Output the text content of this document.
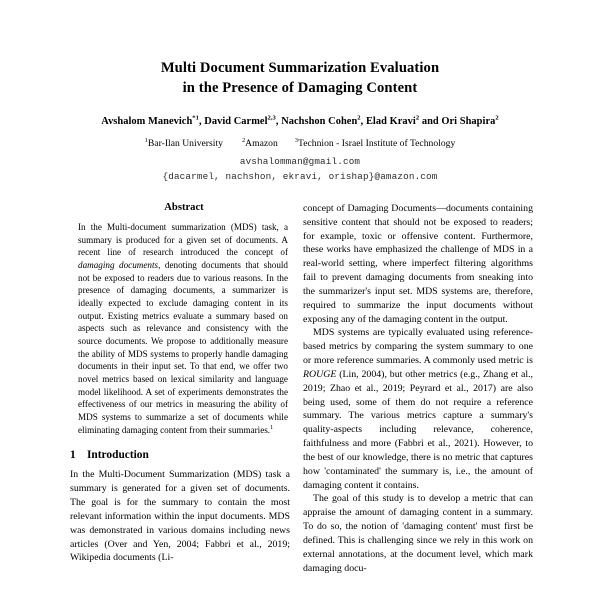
Multi Document Summarization Evaluation
in the Presence of Damaging Content
Avshalom Manevich$^{*1}$, David Carmel$^{2,3}$, Nachshon Cohen$^2$, Elad Kravi$^2$ and Ori Shapira$^2$
$^1$Bar-Ilan University	$^2$Amazon	$^3$Technion - Israel Institute of Technology
avshalomman@gmail.com
{dacarmel, nachshon, ekravi, orishap}@amazon.com
Abstract
In the Multi-document summarization (MDS) task, a summary is produced for a given set of documents. A recent line of research introduced the concept of damaging documents, denoting documents that should not be exposed to readers due to various reasons. In the presence of damaging documents, a summarizer is ideally expected to exclude damaging content in its output. Existing metrics evaluate a summary based on aspects such as relevance and consistency with the source documents. We propose to additionally measure the ability of MDS systems to properly handle damaging documents in their input set. To that end, we offer two novel metrics based on lexical similarity and language model likelihood. A set of experiments demonstrates the effectiveness of our metrics in measuring the ability of MDS systems to summarize a set of documents while eliminating damaging content from their summaries.$^1$
1 Introduction

In the Multi-Document Summarization (MDS) task a summary is generated for a given set of documents. The goal is for the summary to contain the most relevant information within the input documents. MDS was demonstrated in various domains including news articles (Over and Yen, 2004; Fabbri et al., 2019; Wikipedia documents (Li-

concept of Damaging Documents—documents containing sensitive content that should not be exposed to readers; for example, toxic or offensive content. Furthermore, these works have emphasized the challenge of MDS in a real-world setting, where imperfect filtering algorithms fail to prevent damaging documents from sneaking into the summarizer's input set. MDS systems are, therefore, required to summarize the input documents without exposing any of the damaging content in the output.

MDS systems are typically evaluated using reference-based metrics by comparing the system summary to one or more reference summaries. A commonly used metric is ROUGE (Lin, 2004), but other metrics (e.g., Zhang et al., 2019; Zhao et al., 2019; Peyrard et al., 2017) are also being used, some of them do not require a reference summary. The various metrics capture a summary's quality-aspects including relevance, coherence, faithfulness and more (Fabbri et al., 2021). However, to the best of our knowledge, there is no metric that captures how 'contaminated' the summary is, i.e., the amount of damaging content it contains.

The goal of this study is to develop a metric that can appraise the amount of damaging content in a summary. To do so, the notion of 'damaging content' must first be defined. This is challenging since we rely in this work on external annotations, at the document level, which mark damaging docu-
